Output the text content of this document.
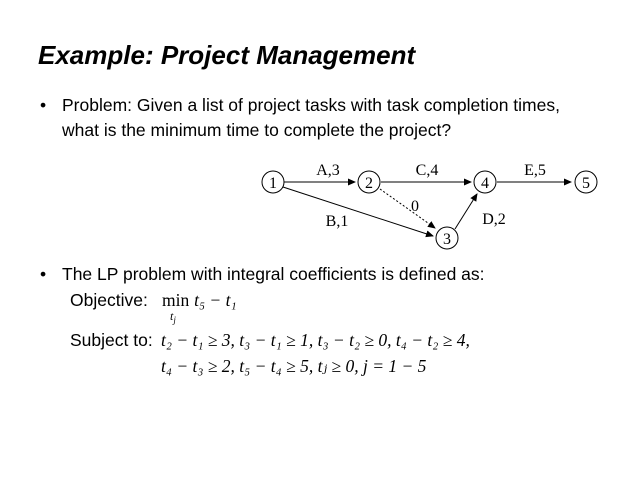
Example: Project Management
• Problem: Given a list of project tasks with task completion times,
what is the minimum time to complete the project?
1	2
3
4	5
A,3
B,1
C,4
D,2
E,5
0
• The LP problem with integral coefficients is defined as:
Objective: min t₅ − t₁
$t_j$
Subject to: t₂ − t₁ ≥ 3, t₃ − t₁ ≥ 1, t₃ − t₂ ≥ 0, t₄ − t₂ ≥ 4,
t₄ − t₃ ≥ 2, t₅ − t₄ ≥ 5, tⱼ ≥ 0, j = 1 − 5
